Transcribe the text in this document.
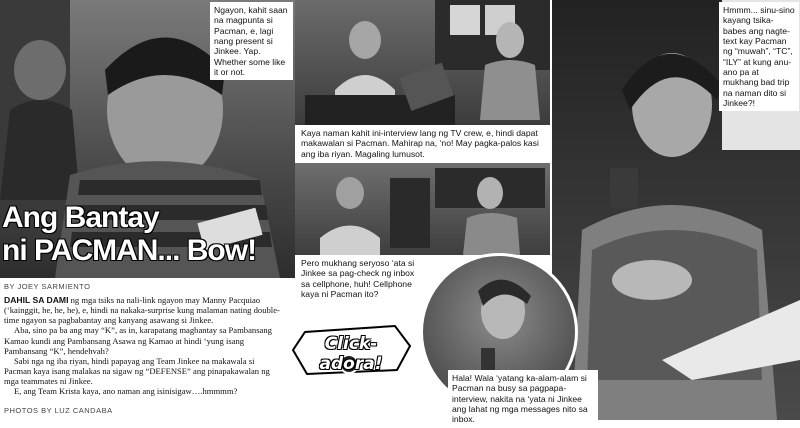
Ngayon, kahit saan na magpunta si Pacman, e, lagi nang present si Jinkee. Yap. Whether some like it or not.
Kaya naman kahit ini-interview lang ng TV crew, e, hindi dapat makawalan si Pacman. Mahirap na, ‘no! May pagka-palos kasi ang iba riyan. Magaling lumusot.
Hmmm... sinu-sino kayang tsika-babes ang nagte-text kay Pacman ng “muwah”, “TC”, “ILY” at kung anu-ano pa at mukhang bad trip na naman dito si Jinkee?!
Pero mukhang seryoso ‘ata si Jinkee sa pag-check ng inbox sa cellphone, huh! Cellphone kaya ni Pacman ito?
Hala! Wala ‘yatang ka-alam-alam si Pacman na busy sa pagpapa-interview, nakita na ‘yata ni Jinkee ang lahat ng mga messages nito sa inbox.
Ang Bantay
ni PACMAN... Bow!
BY JOEY SARMIENTO

DAHIL SA DAMI ng mga tsiks na nali-link ngayon may Manny Pacquiao (‘kainggit, he, he, he), e, hindi na nakaka-surprise kung malaman nating double-time ngayon sa pagbabantay ang kanyang asawang si Jinkee.

Aba, sino pa ba ang may “K”, as in, karapatang magbantay sa Pambansang Kamao kundi ang Pambansang Asawa ng Kamao at hindi ‘yung isang Pambansang “K”, hendehvah?

Sabi nga ng iba riyan, hindi papayag ang Team Jinkee na makawala si Pacman kaya isang malakas na sigaw ng “DEFENSE” ang pinapakawalan ng mga teammates ni Jinkee.

E, ang Team Krista kaya, ano naman ang isinisigaw….hmmmm?

PHOTOS BY LUZ CANDABA
Click-adora!
